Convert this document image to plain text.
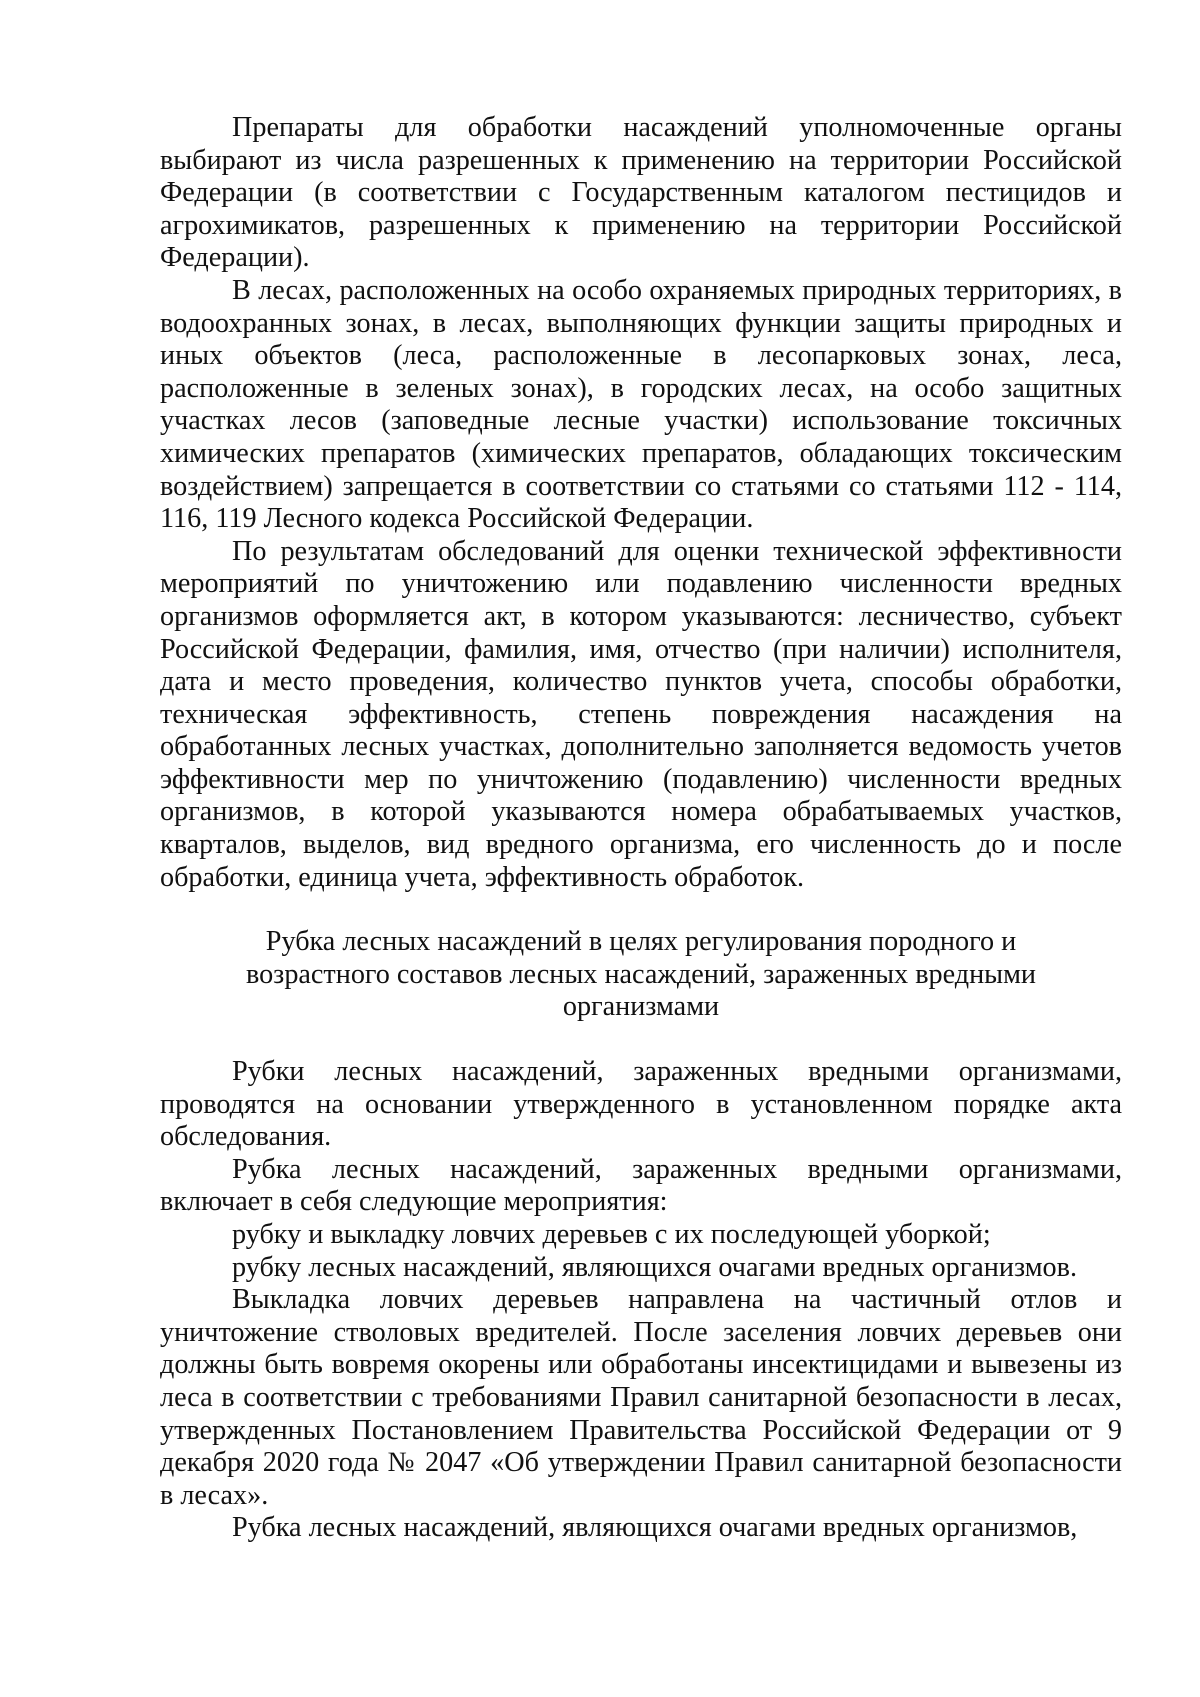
Препараты для обработки насаждений уполномоченные органы выбирают из числа разрешенных к применению на территории Российской Федерации (в соответствии с Государственным каталогом пестицидов и агрохимикатов, разрешенных к применению на территории Российской Федерации).

В лесах, расположенных на особо охраняемых природных территориях, в водоохранных зонах, в лесах, выполняющих функции защиты природных и иных объектов (леса, расположенные в лесопарковых зонах, леса, расположенные в зеленых зонах), в городских лесах, на особо защитных участках лесов (заповедные лесные участки) использование токсичных химических препаратов (химических препаратов, обладающих токсическим воздействием) запрещается в соответствии со статьями со статьями 112 - 114, 116, 119 Лесного кодекса Российской Федерации.

По результатам обследований для оценки технической эффективности мероприятий по уничтожению или подавлению численности вредных организмов оформляется акт, в котором указываются: лесничество, субъект Российской Федерации, фамилия, имя, отчество (при наличии) исполнителя, дата и место проведения, количество пунктов учета, способы обработки, техническая эффективность, степень повреждения насаждения на обработанных лесных участках, дополнительно заполняется ведомость учетов эффективности мер по уничтожению (подавлению) численности вредных организмов, в которой указываются номера обрабатываемых участков, кварталов, выделов, вид вредного организма, его численность до и после обработки, единица учета, эффективность обработок.

Рубка лесных насаждений в целях регулирования породного и возрастного составов лесных насаждений, зараженных вредными организмами

Рубки лесных насаждений, зараженных вредными организмами, проводятся на основании утвержденного в установленном порядке акта обследования.

Рубка лесных насаждений, зараженных вредными организмами, включает в себя следующие мероприятия:

рубку и выкладку ловчих деревьев с их последующей уборкой;

рубку лесных насаждений, являющихся очагами вредных организмов.

Выкладка ловчих деревьев направлена на частичный отлов и уничтожение стволовых вредителей. После заселения ловчих деревьев они должны быть вовремя окорены или обработаны инсектицидами и вывезены из леса в соответствии с требованиями Правил санитарной безопасности в лесах, утвержденных Постановлением Правительства Российской Федерации от 9 декабря 2020 года № 2047 «Об утверждении Правил санитарной безопасности в лесах».

Рубка лесных насаждений, являющихся очагами вредных организмов,
